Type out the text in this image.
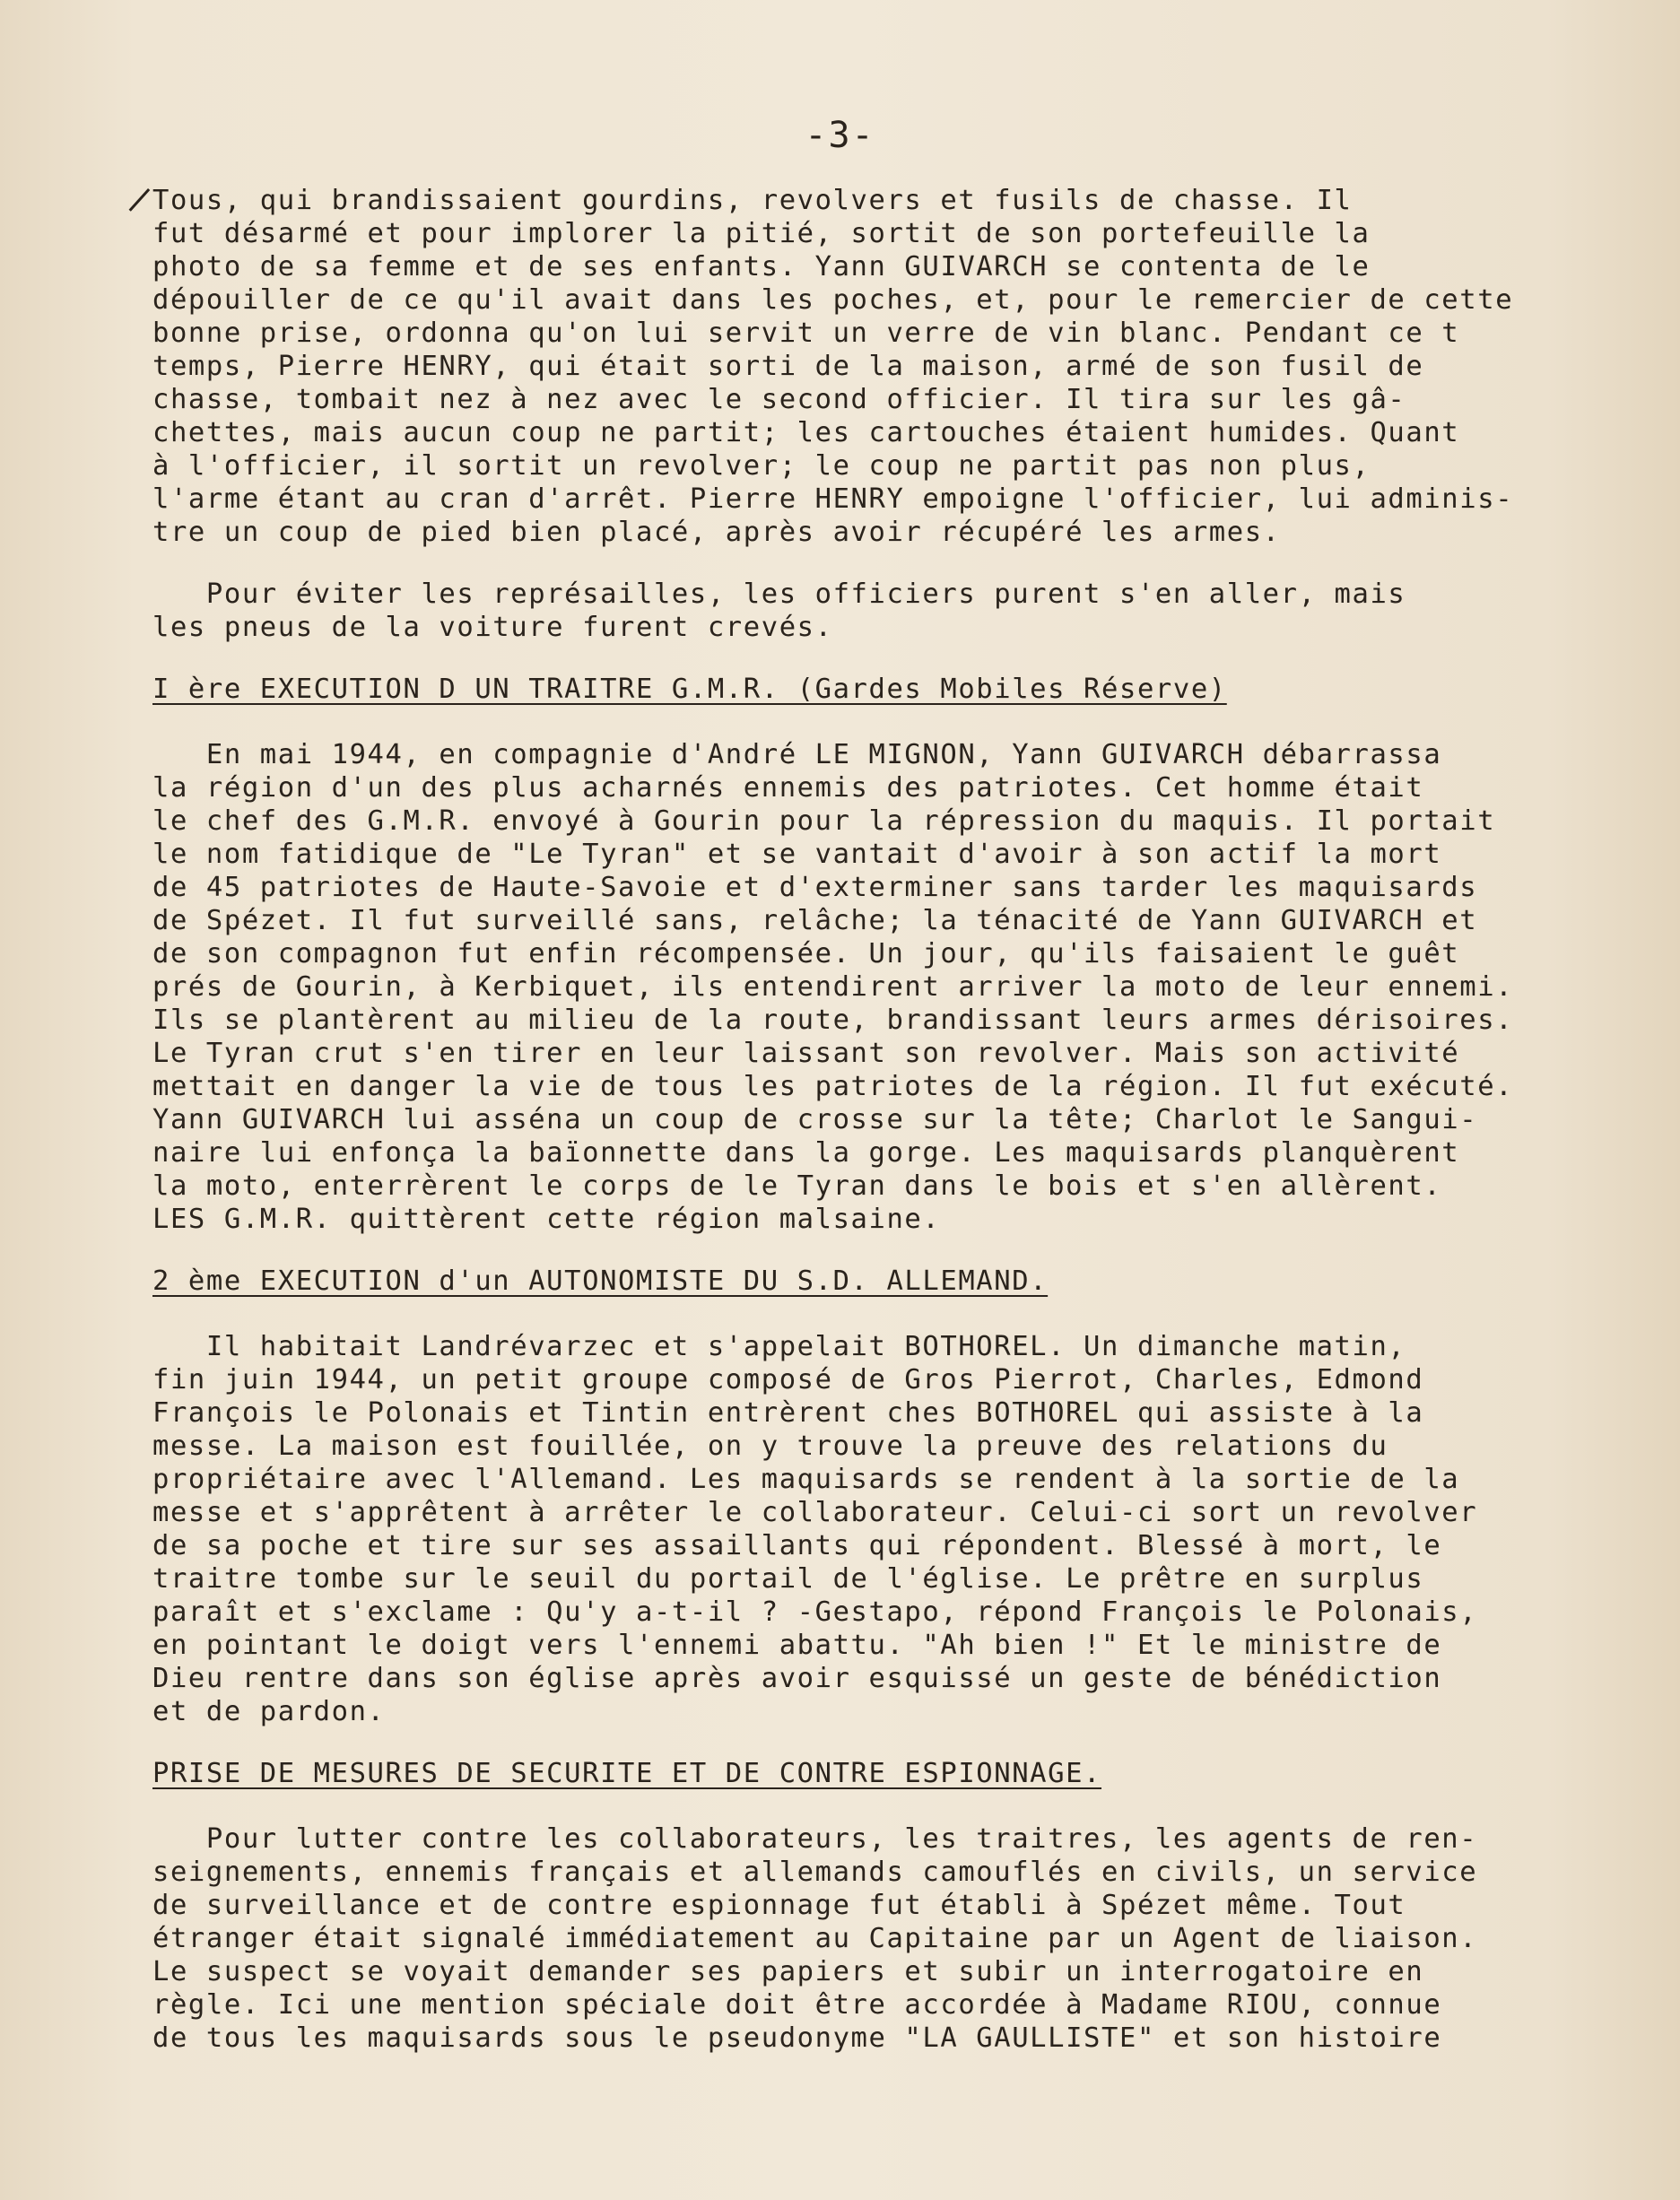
-3-
Tous, qui brandissaient gourdins, revolvers et fusils de chasse. Il
fut désarmé et pour implorer la pitié, sortit de son portefeuille la
photo de sa femme et de ses enfants. Yann GUIVARCH se contenta de le
dépouiller de ce qu'il avait dans les poches, et, pour le remercier de cette
bonne prise, ordonna qu'on lui servit un verre de vin blanc. Pendant ce t
temps, Pierre HENRY, qui était sorti de la maison, armé de son fusil de
chasse, tombait nez à nez avec le second officier. Il tira sur les gâ-
chettes, mais aucun coup ne partit; les cartouches étaient humides. Quant
à l'officier, il sortit un revolver; le coup ne partit pas non plus,
l'arme étant au cran d'arrêt. Pierre HENRY empoigne l'officier, lui adminis-
tre un coup de pied bien placé, après avoir récupéré les armes.
Pour éviter les représailles, les officiers purent s'en aller, mais
les pneus de la voiture furent crevés.
I ère EXECUTION D UN TRAITRE G.M.R. (Gardes Mobiles Réserve)
En mai 1944, en compagnie d'André LE MIGNON, Yann GUIVARCH débarrassa
la région d'un des plus acharnés ennemis des patriotes. Cet homme était
le chef des G.M.R. envoyé à Gourin pour la répression du maquis. Il portait
le nom fatidique de "Le Tyran" et se vantait d'avoir à son actif la mort
de 45 patriotes de Haute-Savoie et d'exterminer sans tarder les maquisards
de Spézet. Il fut surveillé sans, relâche; la ténacité de Yann GUIVARCH et
de son compagnon fut enfin récompensée. Un jour, qu'ils faisaient le guêt
prés de Gourin, à Kerbiquet, ils entendirent arriver la moto de leur ennemi.
Ils se plantèrent au milieu de la route, brandissant leurs armes dérisoires.
Le Tyran crut s'en tirer en leur laissant son revolver. Mais son activité
mettait en danger la vie de tous les patriotes de la région. Il fut exécuté.
Yann GUIVARCH lui asséna un coup de crosse sur la tête; Charlot le Sangui-
naire lui enfonça la baïonnette dans la gorge. Les maquisards planquèrent
la moto, enterrèrent le corps de le Tyran dans le bois et s'en allèrent.
LES G.M.R. quittèrent cette région malsaine.
2 ème EXECUTION d'un AUTONOMISTE DU S.D. ALLEMAND.
Il habitait Landrévarzec et s'appelait BOTHOREL. Un dimanche matin,
fin juin 1944, un petit groupe composé de Gros Pierrot, Charles, Edmond
François le Polonais et Tintin entrèrent ches BOTHOREL qui assiste à la
messe. La maison est fouillée, on y trouve la preuve des relations du
propriétaire avec l'Allemand. Les maquisards se rendent à la sortie de la
messe et s'apprêtent à arrêter le collaborateur. Celui-ci sort un revolver
de sa poche et tire sur ses assaillants qui répondent. Blessé à mort, le
traitre tombe sur le seuil du portail de l'église. Le prêtre en surplus
paraît et s'exclame : Qu'y a-t-il ? -Gestapo, répond François le Polonais,
en pointant le doigt vers l'ennemi abattu. "Ah bien !" Et le ministre de
Dieu rentre dans son église après avoir esquissé un geste de bénédiction
et de pardon.
PRISE DE MESURES DE SECURITE ET DE CONTRE ESPIONNAGE.
Pour lutter contre les collaborateurs, les traitres, les agents de ren-
seignements, ennemis français et allemands camouflés en civils, un service
de surveillance et de contre espionnage fut établi à Spézet même. Tout
étranger était signalé immédiatement au Capitaine par un Agent de liaison.
Le suspect se voyait demander ses papiers et subir un interrogatoire en
règle. Ici une mention spéciale doit être accordée à Madame RIOU, connue
de tous les maquisards sous le pseudonyme "LA GAULLISTE" et son histoire
